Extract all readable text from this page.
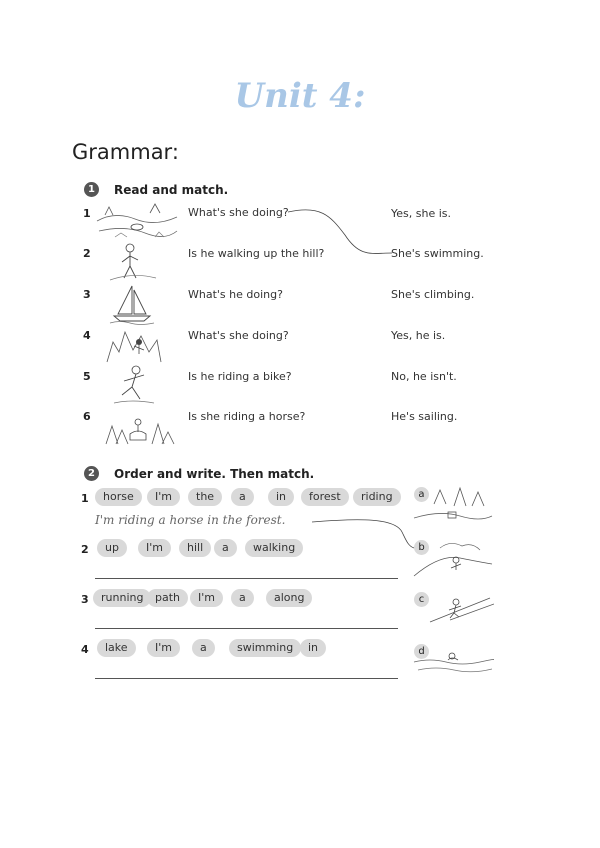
Unit 4:
Grammar:
1	Read and match.
1	What's she doing?	Yes, she is.
2	Is he walking up the hill?	She's swimming.
3	What's he doing?	She's climbing.
4	What's she doing?	Yes, he is.
5	Is he riding a bike?	No, he isn't.
6	Is she riding a horse?	He's sailing.
2	Order and write. Then match.
1	horse	I'm	the	a	in	forest	riding
I'm riding a horse in the forest.
2	up	I'm	hill	a	walking
3	running	path	I'm	a	along
4	lake	I'm	a	swimming	in
a
b
c
d
